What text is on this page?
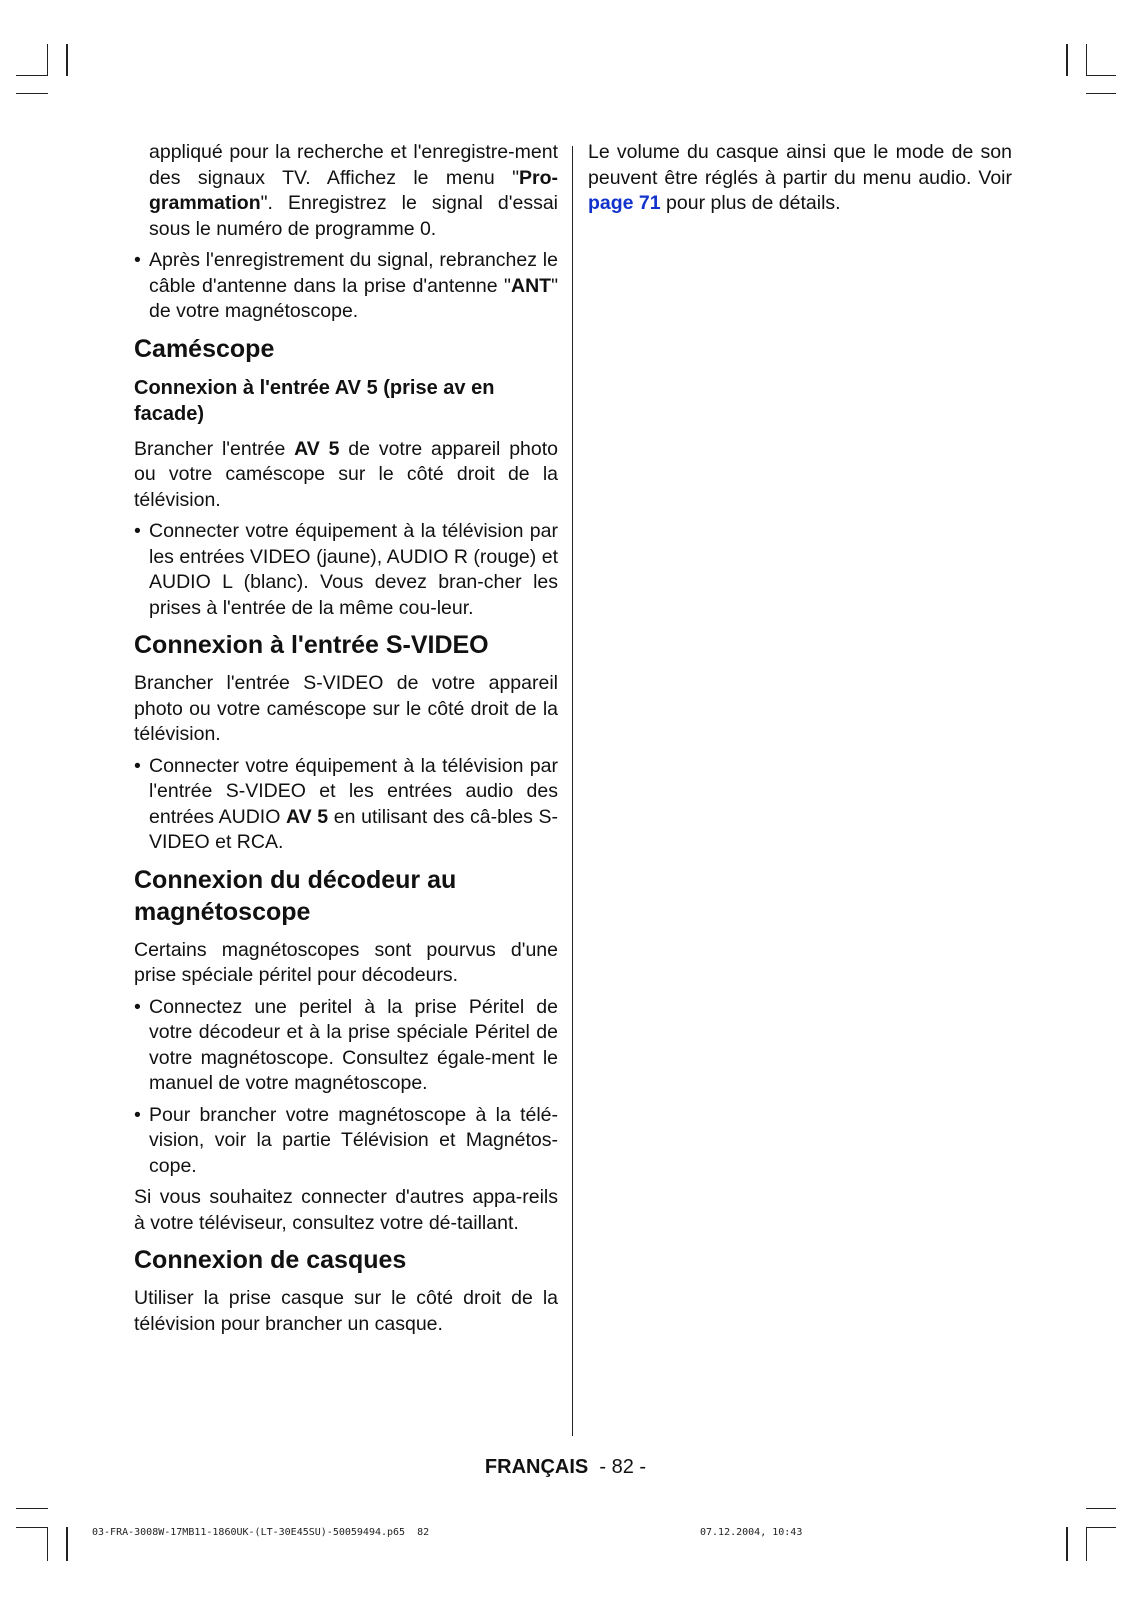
appliqué pour la recherche et l'enregistre-ment des signaux TV. Affichez le menu "Pro-grammation". Enregistrez le signal d'essai sous le numéro de programme 0.

• Après l'enregistrement du signal, rebranchez le câble d'antenne dans la prise d'antenne "ANT" de votre magnétoscope.

Caméscope
Connexion à l'entrée AV 5 (prise av en facade)

Brancher l'entrée AV 5 de votre appareil photo ou votre caméscope sur le côté droit de la télévision.

• Connecter votre équipement à la télévision par les entrées VIDEO (jaune), AUDIO R (rouge) et AUDIO L (blanc). Vous devez bran-cher les prises à l'entrée de la même cou-leur.

Connexion à l'entrée S-VIDEO

Brancher l'entrée S-VIDEO de votre appareil photo ou votre caméscope sur le côté droit de la télévision.

• Connecter votre équipement à la télévision par l'entrée S-VIDEO et les entrées audio des entrées AUDIO AV 5 en utilisant des câ-bles S-VIDEO et RCA.

Connexion du décodeur au magnétoscope

Certains magnétoscopes sont pourvus d'une prise spéciale péritel pour décodeurs.

• Connectez une peritel à la prise Péritel de votre décodeur et à la prise spéciale Péritel de votre magnétoscope. Consultez égale-ment le manuel de votre magnétoscope.

• Pour brancher votre magnétoscope à la télé-vision, voir la partie Télévision et Magnétos-cope.

Si vous souhaitez connecter d'autres appa-reils à votre téléviseur, consultez votre dé-taillant.

Connexion de casques

Utiliser la prise casque sur le côté droit de la télévision pour brancher un casque.

Le volume du casque ainsi que le mode de son peuvent être réglés à partir du menu audio. Voir page 71 pour plus de détails.

FRANÇAIS - 82 -
03-FRA-3008W-17MB11-1860UK-(LT-30E45SU)-50059494.p65 82	07.12.2004, 10:43
